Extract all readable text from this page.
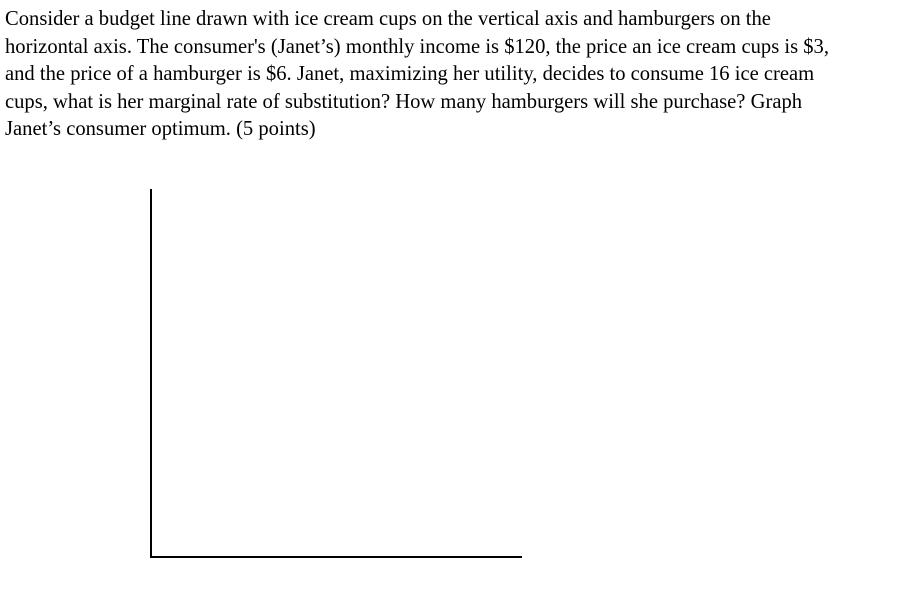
Consider a budget line drawn with ice cream cups on the vertical axis and hamburgers on the
horizontal axis. The consumer's (Janet’s) monthly income is $120, the price an ice cream cups is $3,
and the price of a hamburger is $6. Janet, maximizing her utility, decides to consume 16 ice cream
cups, what is her marginal rate of substitution? How many hamburgers will she purchase? Graph
Janet’s consumer optimum. (5 points)
